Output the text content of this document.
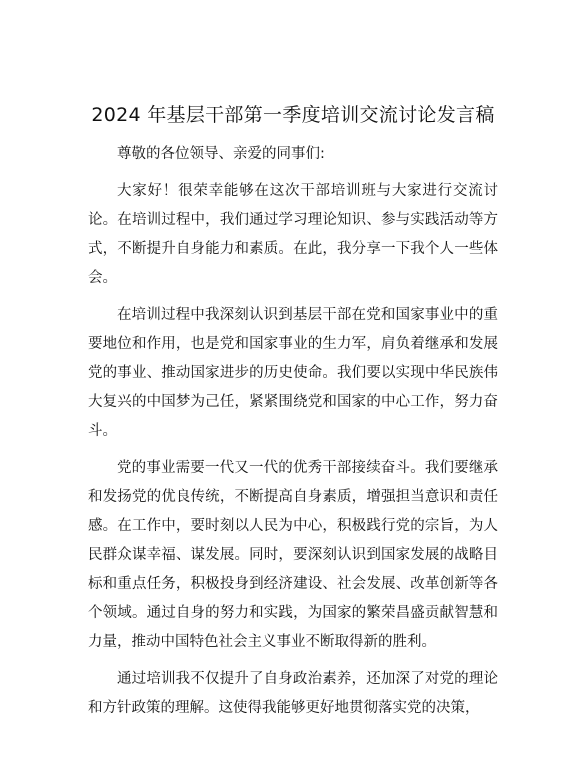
2024 年基层干部第一季度培训交流讨论发言稿

尊敬的各位领导、亲爱的同事们:

大家好！很荣幸能够在这次干部培训班与大家进行交流讨论。在培训过程中，我们通过学习理论知识、参与实践活动等方式，不断提升自身能力和素质。在此，我分享一下我个人一些体会。

在培训过程中我深刻认识到基层干部在党和国家事业中的重要地位和作用，也是党和国家事业的生力军，肩负着继承和发展党的事业、推动国家进步的历史使命。我们要以实现中华民族伟大复兴的中国梦为己任，紧紧围绕党和国家的中心工作，努力奋斗。

党的事业需要一代又一代的优秀干部接续奋斗。我们要继承和发扬党的优良传统，不断提高自身素质，增强担当意识和责任感。在工作中，要时刻以人民为中心，积极践行党的宗旨，为人民群众谋幸福、谋发展。同时，要深刻认识到国家发展的战略目标和重点任务，积极投身到经济建设、社会发展、改革创新等各个领域。通过自身的努力和实践，为国家的繁荣昌盛贡献智慧和力量，推动中国特色社会主义事业不断取得新的胜利。

通过培训我不仅提升了自身政治素养，还加深了对党的理论和方针政策的理解。这使得我能够更好地贯彻落实党的决策，
